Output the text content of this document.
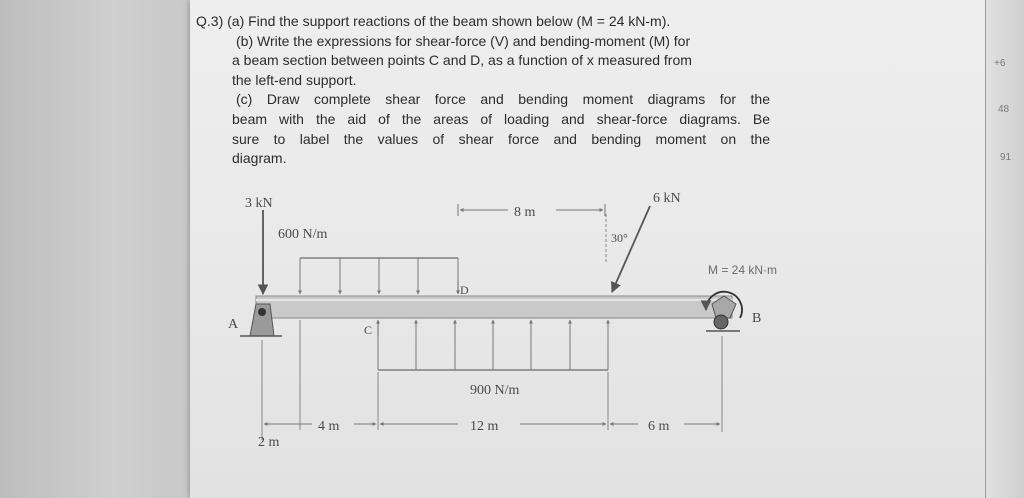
+6
48
91
Q.3) (a) Find the support reactions of the beam shown below (M = 24 kN-m).
(b) Write the expressions for shear-force (V) and bending-moment (M) for
a beam section between points C and D, as a function of x measured from
the left-end support.
(c) Draw complete shear force and bending moment diagrams for the
beam with the aid of the areas of loading and shear-force diagrams. Be
sure to label the values of shear force and bending moment on the
diagram.
3 kN	6 kN
30°
600 N/m
900 N/m
M = 24 kN·m
8 m
A	B
C
D
2 m
4 m	12 m	6 m
